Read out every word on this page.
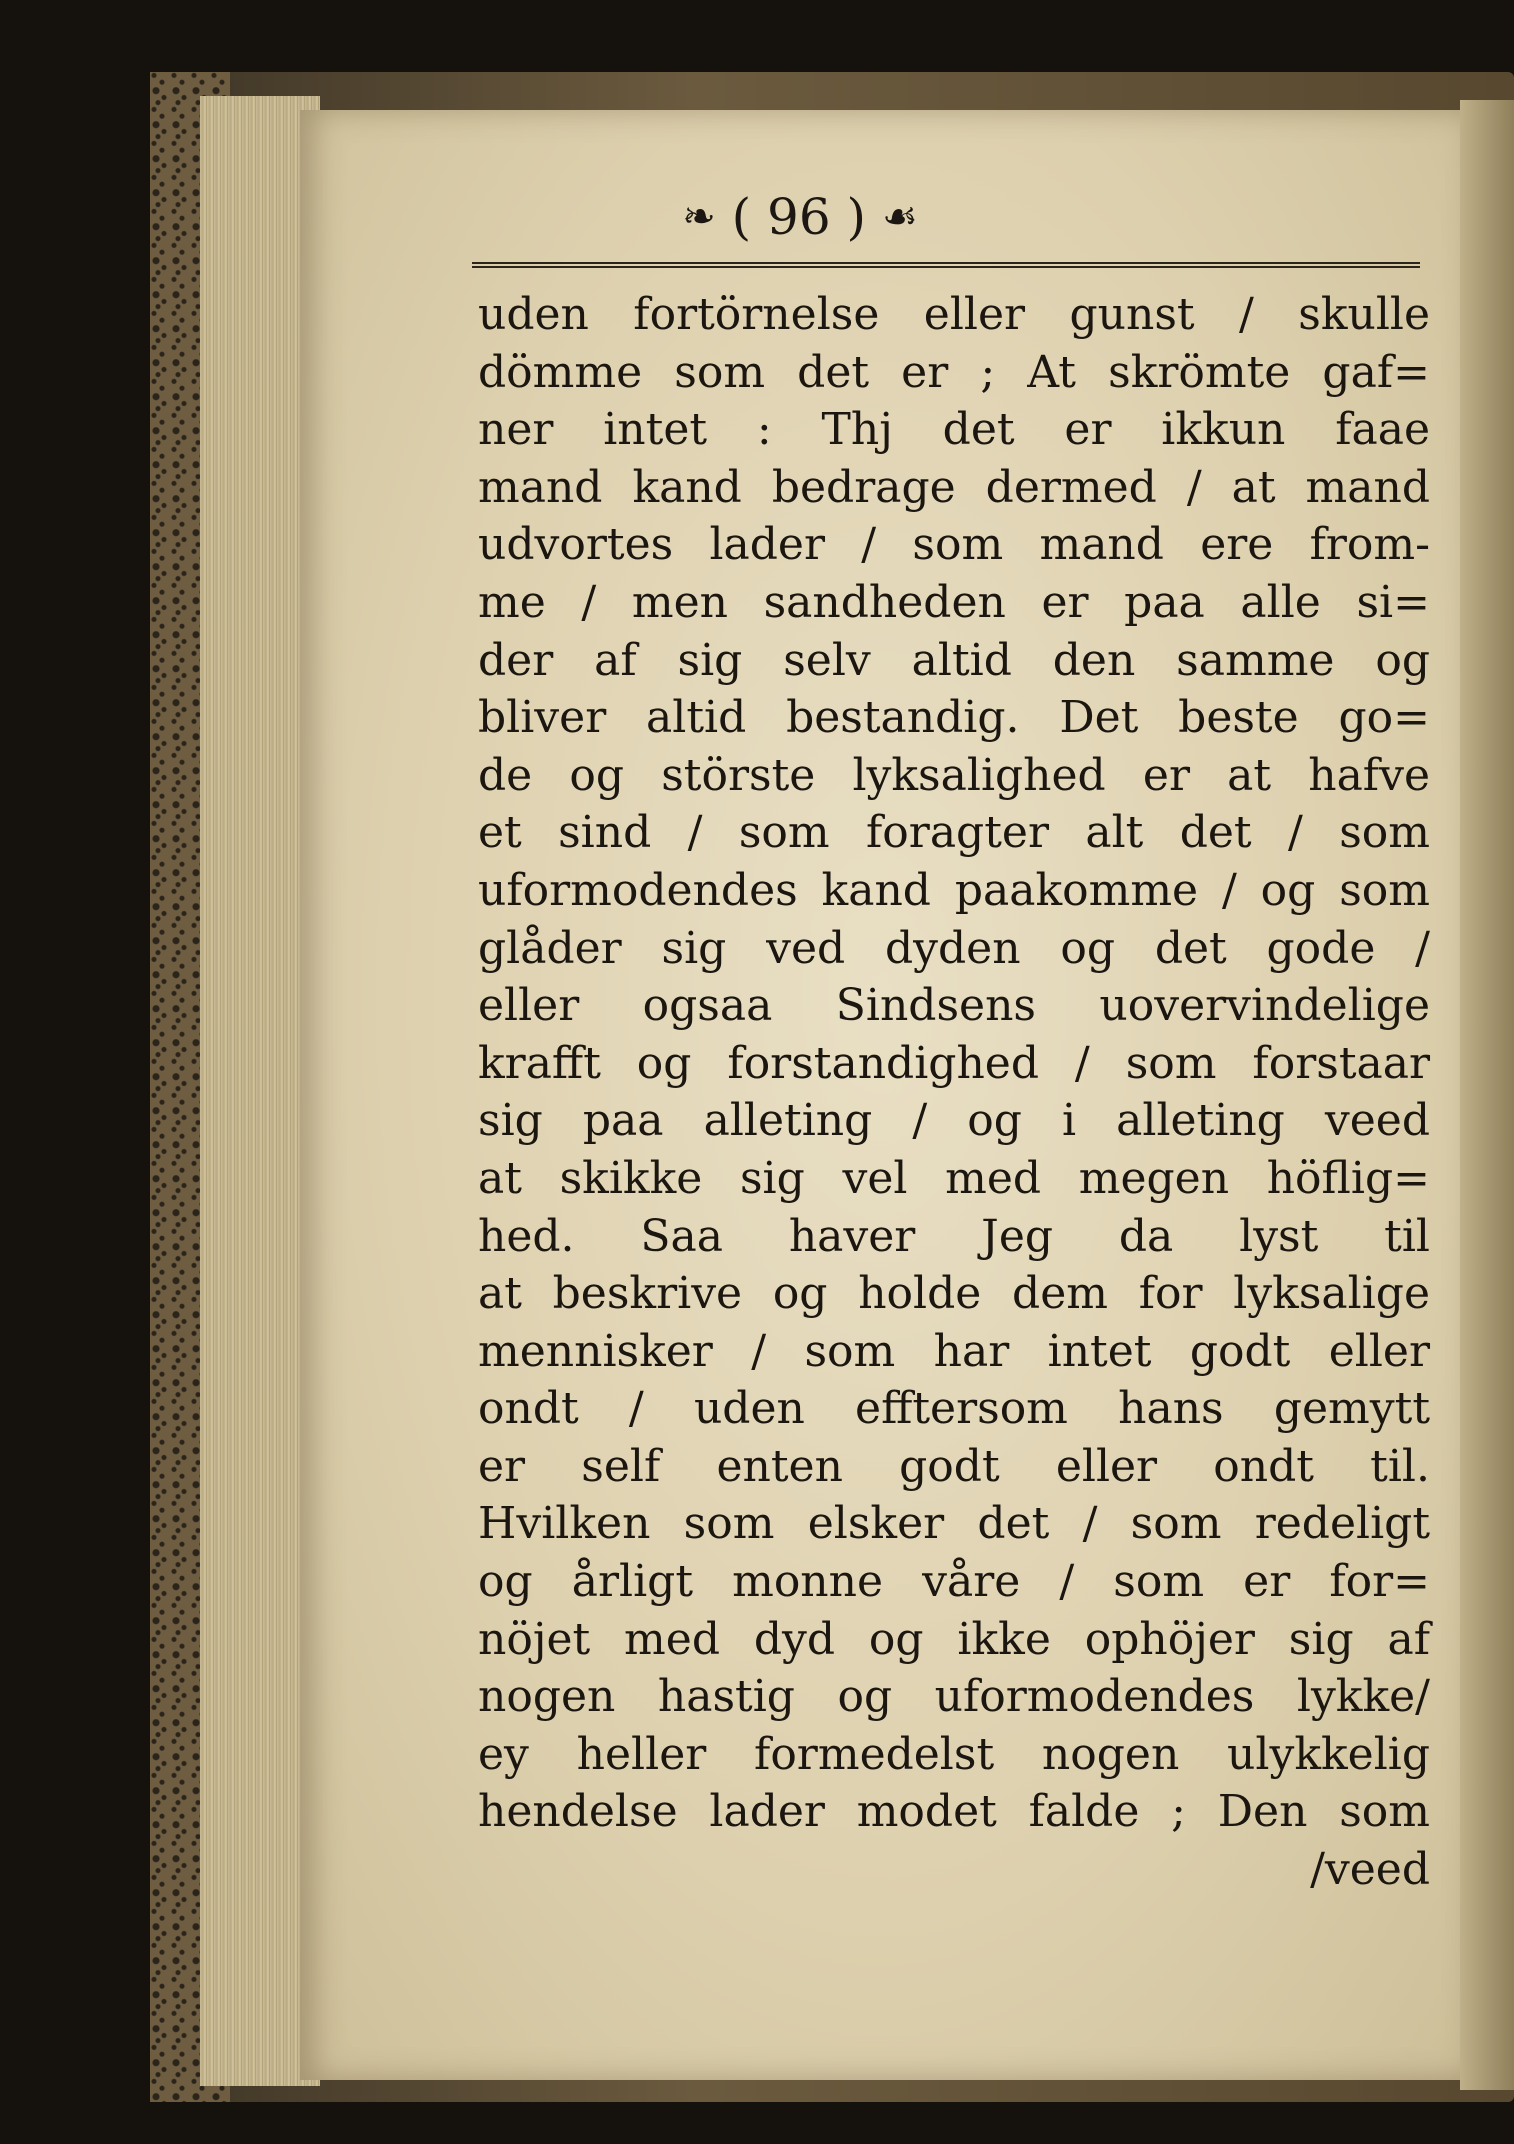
❧ ( 96 ) ☙
uden fortörnelse eller gunst / skulle
dömme som det er ; At skrömte gaf=
ner intet : Thj det er ikkun faae
mand kand bedrage dermed / at mand
udvortes lader / som mand ere from-
me / men sandheden er paa alle si=
der af sig selv altid den samme og
bliver altid bestandig. Det beste go=
de og störste lyksalighed er at hafve
et sind / som foragter alt det / som
uformodendes kand paakomme / og som
glåder sig ved dyden og det gode /
eller ogsaa Sindsens uovervindelige
krafft og forstandighed / som forstaar
sig paa alleting / og i alleting veed
at skikke sig vel med megen höflig=
hed. Saa haver Jeg da lyst til
at beskrive og holde dem for lyksalige
mennisker / som har intet godt eller
ondt / uden efftersom hans gemytt
er self enten godt eller ondt til.
Hvilken som elsker det / som redeligt
og årligt monne våre / som er for=
nöjet med dyd og ikke ophöjer sig af
nogen hastig og uformodendes lykke/
ey heller formedelst nogen ulykkelig
hendelse lader modet falde ; Den som
/veed
